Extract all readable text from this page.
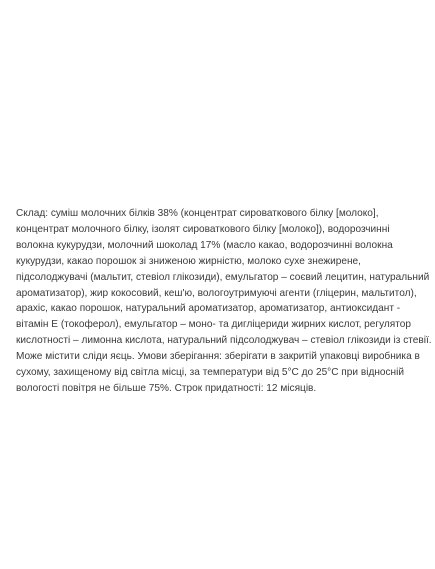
Склад: суміш молочних білків 38% (концентрат сироваткового білку [молоко],
концентрат молочного білку, ізолят сироваткового білку [молоко]), водорозчинні
волокна кукурудзи, молочний шоколад 17% (масло какао, водорозчинні волокна
кукурудзи, какао порошок зі зниженою жирністю, молоко сухе знежирене,
підсолоджувачі (мальтит, стевіол глікозиди), емульгатор – соєвий лецитин, натуральний
ароматизатор), жир кокосовий, кеш'ю, вологоутримуючі агенти (гліцерин, мальтитол),
арахіс, какао порошок, натуральний ароматизатор, ароматизатор, антиоксидант -
вітамін Е (токоферол), емульгатор – моно- та дигліцериди жирних кислот, регулятор
кислотності – лимонна кислота, натуральний підсолоджувач – стевіол глікозиди із стевії.
Може містити сліди яєць. Умови зберігання: зберігати в закритій упаковці виробника в
сухому, захищеному від світла місці, за температури від 5°С до 25°С при відносній
вологості повітря не більше 75%. Строк придатності: 12 місяців.
